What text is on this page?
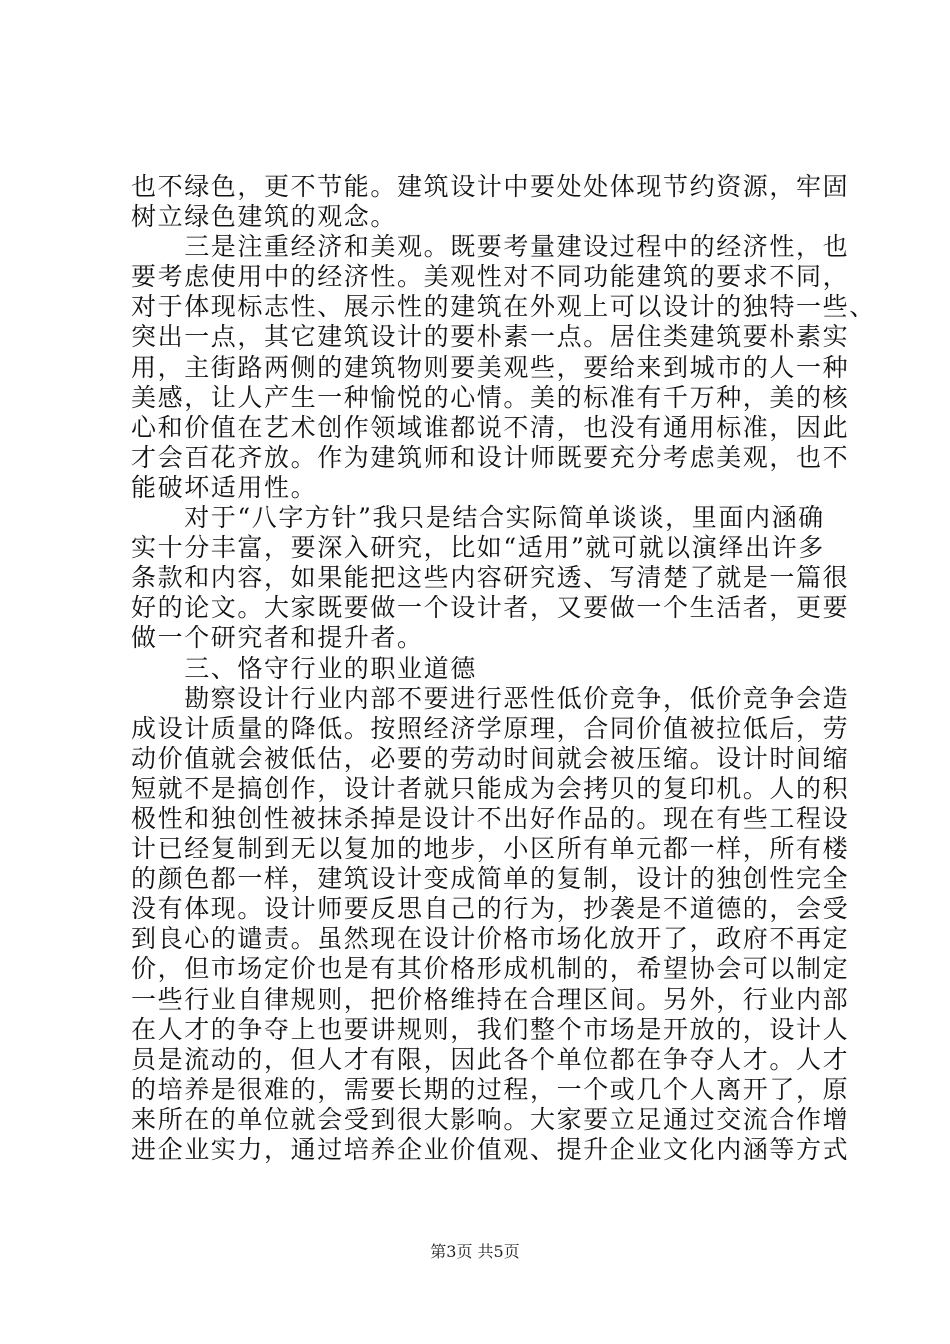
也不绿色，更不节能。建筑设计中要处处体现节约资源，牢固
树立绿色建筑的观念。
　　三是注重经济和美观。既要考量建设过程中的经济性，也
要考虑使用中的经济性。美观性对不同功能建筑的要求不同，
对于体现标志性、展示性的建筑在外观上可以设计的独特一些、
突出一点，其它建筑设计的要朴素一点。居住类建筑要朴素实
用，主街路两侧的建筑物则要美观些，要给来到城市的人一种
美感，让人产生一种愉悦的心情。美的标准有千万种，美的核
心和价值在艺术创作领域谁都说不清，也没有通用标准，因此
才会百花齐放。作为建筑师和设计师既要充分考虑美观，也不
能破坏适用性。
　　对于“八字方针”我只是结合实际简单谈谈，里面内涵确
实十分丰富，要深入研究，比如“适用”就可就以演绎出许多
条款和内容，如果能把这些内容研究透、写清楚了就是一篇很
好的论文。大家既要做一个设计者，又要做一个生活者，更要
做一个研究者和提升者。
　　三、恪守行业的职业道德
　　勘察设计行业内部不要进行恶性低价竞争，低价竞争会造
成设计质量的降低。按照经济学原理，合同价值被拉低后，劳
动价值就会被低估，必要的劳动时间就会被压缩。设计时间缩
短就不是搞创作，设计者就只能成为会拷贝的复印机。人的积
极性和独创性被抹杀掉是设计不出好作品的。现在有些工程设
计已经复制到无以复加的地步，小区所有单元都一样，所有楼
的颜色都一样，建筑设计变成简单的复制，设计的独创性完全
没有体现。设计师要反思自己的行为，抄袭是不道德的，会受
到良心的谴责。虽然现在设计价格市场化放开了，政府不再定
价，但市场定价也是有其价格形成机制的，希望协会可以制定
一些行业自律规则，把价格维持在合理区间。另外，行业内部
在人才的争夺上也要讲规则，我们整个市场是开放的，设计人
员是流动的，但人才有限，因此各个单位都在争夺人才。人才
的培养是很难的，需要长期的过程，一个或几个人离开了，原
来所在的单位就会受到很大影响。大家要立足通过交流合作增
进企业实力，通过培养企业价值观、提升企业文化内涵等方式
第3页 共5页
